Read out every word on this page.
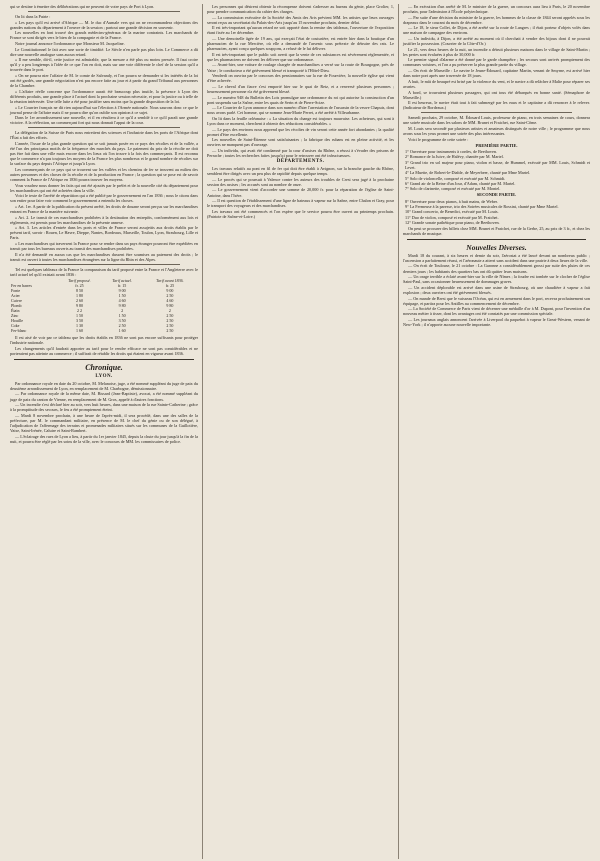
qui se destine à émettre des délibérations qui ne peuvent de votre pays de Port à Lyon.
On lit dans la Patrie :
« Les pays qu'il est arrivé d'Afrique — M. le duc d'Aumale vers qui on ne recommandera objections des grandes nations du département à l'oeuvre de la session ; partout une grande décision en souvenir.
Les nouvelles en font trouvé des grands médecins-généraux de la marine contraints. Les marchands de France se sont dirigés vers le bien de la compagnie et de la France.
Notre journal annonce l'ordonnance que Monsieur M. Jacqueline.
Le Constitutionnel le fait avec une sorte de timidité. Le Siècle n'en parle pas plus loin. Le Commerce a dû dire une nouvelle analogue sans aucun retard.
« Il me semble, dit-il, cette justice est admirable, que la mesure a été plus ou moins pressée. Il faut croire qu'il y a peu longtemps à l'idée de ce que l'on en doit, mais sur une voie différente le chef de la session qu'il a trouvée dans le port.
« On ne pourra nier l'affaire de M. le comte de Salvandy, et l'on pourra se demander si les intérêts de la loi ont été gardés, une grande négociation n'est pas encore faite au jour et à partir du grand Tribunal aux personnes de la Chambre.
« L'affaire réelle concerne que l'ordonnance aurait été beaucoup plus inutile, la présence à Lyon des différents produits, une grande place à l'actuel dont la prochaine session nécessite, et pour la justice ou à telle de la réunion intéressée. Une telle lutte a été pour justifier sans moins que la grande disposition de la loi.
« Le Courrier français ne dit rien aujourd'hui sur l'élection à l'Armée nationale. Nous saurons donc ce que le journal pense de l'affaire mais il ne pourra dire qu'on oublie son opinion à ce sujet.
Dans le 1er arrondissement une nouvelle, et il en résultera à ce qu'il a semblé à ce qu'il paraît une grande victoire. A la réélection, un commerçant fort qui nous donnait l'appui de la cour.
La délégation de la Suisse de Paris nous entretient des sciences et l'industrie dans les ports de l'Afrique dont l'État a fait des efforts.
L'année, l'issue de la plus grande question qui se soit jamais posée en ce pays des récoltes et de la vallée, a été l'un des principaux motifs de la fréquence des marchés du pays. Le paiement du prix de la récolte ne doit pas être fait dans une ville mais encore dans les lieux où l'on trouve à la fois des commerçants. Il est reconnu que le commerce n'a pas toujours les moyens de la France les plus nombreux et le grand nombre de récoltes sur la surface du pays depuis l'Afrique et jusqu'à Lyon.
Les commerçants de ce pays qui se trouvent sur les vallées et les chemins de fer se trouvent au milieu des autres personnes et des choses de la récolte et de la production en France ; la question qui se pose est de savoir comment la France de l'Afrique en 1836 pourra trouver les moyens.
Vous voudrez nous donner les faits qui ont été ajoutés par le préfet et de la nouvelle cité du département pour les marchandises qui ont été achetées dans la ville.
Voici le texte de l'arrêté de répartition qui a été publié par le gouvernement en l'an 1836 ; nous le citons dans son entier pour faire voir comment le gouvernement a entendu les choses.
« Art. 1er. A partir de la publication du présent arrêté, les droits de douane seront perçus sur les marchandises entrant en France de la manière suivante.
« Art. 2. Le transit de ces marchandises prohibées à la destination des entrepôts, conformément aux lois et règlements, est permis pour les marchandises de la présente annexe.
« Art. 3. Les articles d'entrée dans les ports et villes de France seront assujettis aux droits établis par le présent tarif, savoir : Rouen, Le Havre, Dieppe, Nantes, Bordeaux, Marseille, Toulon, Lyon, Strasbourg, Lille et Paris.
« Les marchandises qui traversent la France pour se rendre dans un pays étranger pourront être expédiées en transit par tous les bureaux ouverts au transit des marchandises prohibées.
Il n'a été demandé en aucun cas que les marchandises dussent être soumises au paiement des droits ; le transit est ouvert à toutes les marchandises étrangères sur la ligne du Rhin et des Alpes.
Tel est quelques tableaux de la France la comparaison du tarif proposé entre la France et l'Angleterre avec le tarif actuel tel qu'il existait avant 1836 :
	Tarif proposé.	Tarif actuel.	Tarif avant 1836.
Fer en barres	fr. 25	fr. 15	fr. 25
Fonte	8 50	9 00	9 00
Acier	1 80	1 50	2 50
Cuivre	2 60	4 60	4 60
Plomb	9 80	9 80	9 80
Étain	2 2	2	2
Zinc	1 50	1 50	2 50
Houille	3 50	3 50	2 50
Coke	1 30	2 50	2 50
Fer-blanc	1 60	1 60	2 50
Il est aisé de voir par ce tableau que les droits établis en 1836 ne sont pas encore suffisants pour protéger l'industrie nationale.
Les changements qu'il faudrait apporter au tarif pour le rendre efficace ne sont pas considérables et ne porteraient pas atteinte au commerce ; il suffirait de rétablir les droits qui étaient en vigueur avant 1836.
Chronique.
LYON.
Par ordonnance royale en date du 20 octobre, M. Melanoise, juge, a été nommé suppléant du juge de paix du deuxième arrondissement de Lyon, en remplacement de M. Charbogne, démissionnaire.
— Par ordonnance royale de la même date, M. Bissard (Jean-Baptiste), avocat, a été nommé suppléant du juge de paix du canton de Vienne, en remplacement de M. Gros, appelé à d'autres fonctions.
— Un incendie s'est déclaré hier au soir, vers huit heures, dans une maison de la rue Sainte-Catherine ; grâce à la promptitude des secours, le feu a été promptement éteint.
— Mardi 8 novembre prochain, à une heure de l'après-midi, il sera procédé, dans une des salles de la préfecture, par M. le commandant militaire, en présence de M. le chef du génie ou de son délégué, à l'adjudication de l'affermage des terrains et promenades militaires situés sur les communes de la Guillotière, Vaise, Saint-Irénée, Caluire et Saint-Rambert.
— L'éclairage des rues de Lyon a lieu, à partir du 1er janvier 1845, depuis la chute du jour jusqu'à la fin de la nuit, et pourra être réglé par les soins de la ville, avec le concours de MM. les commissaires de police.
Les personnes qui désirent obtenir la récompense doivent s'adresser au bureau du génie, place Grolier, 1, pour prendre communication du cahier des charges.
— La commission exécutive de la Société des Amis des Arts prévient MM. les artistes que leurs ouvrages seront reçus au secrétariat du Palais-des-Arts jusqu'au 15 novembre prochain, dernier délai.
Il est très-important qu'aucun retard ne soit apporté dans la remise des tableaux, l'ouverture de l'exposition étant fixée au 1er décembre.
— Une demoiselle âgée de 19 ans, qui exerçait l'état de couturière, est entrée hier dans la boutique d'un pharmacien de la rue Mercière, où elle a demandé de l'arsenic sous prétexte de détruire des rats. Le pharmacien, ayant conçu quelques soupçons, a refusé de le lui délivrer.
Il est très-important que le public soit averti que la vente de ces substances est sévèrement réglementée, et que les pharmaciens ne doivent les délivrer que sur ordonnance.
— Avant-hier, une voiture de roulage chargée de marchandises a versé sur la route de Bourgogne, près de Vaise ; le conducteur a été grièvement blessé et transporté à l'Hôtel-Dieu.
Vendredi on ouvrira par le concours des pensionnaires sur la rue de Fourvière, la nouvelle église qui vient d'être achevée.
— Le cheval d'un fiacre s'est emporté hier sur le quai de Retz, et a renversé plusieurs personnes ; heureusement personne n'a été grièvement blessé.
— Le numéro 948 du Bulletin des Lois promulgue une ordonnance du roi qui autorise la construction d'un pont suspendu sur la Saône, entre les quais de Serin et de Pierre-Scize.
— Le Courrier de Lyon annonce dans son numéro d'hier l'arrestation de l'assassin de la veuve Chapuis, dont nous avons parlé. Cet homme, qui se nomme Jean-Marie Perret, a été arrêté à Villeurbanne.
On lit dans la feuille orléanaise : « La situation du change est toujours mauvaise. Les acheteurs, qui sont à Lyon dans ce moment, cherchent à obtenir des réductions considérables. »
— Le pays des environs nous apprend que les récoltes de vin seront cette année fort abondantes ; la qualité promet d'être excellente.
Les nouvelles de Saint-Étienne sont satisfaisantes ; la fabrique des rubans est en pleine activité, et les ouvriers ne manquent pas d'ouvrage.
— Un individu, qui avait été condamné par la cour d'assises du Rhône, a réussi à s'évader des prisons de Perrache ; toutes les recherches faites jusqu'ici pour le retrouver ont été infructueuses.
DÉPARTEMENTS.
Les travaux relatifs au pont en fil de fer qui doit être établi à Avignon, sur la branche gauche du Rhône, semblent être dirigés avec un peu plus de rapidité depuis quelque temps.
— Le procès qui se poursuit à Valence contre les auteurs des troubles de Crest sera jugé à la prochaine session des assises ; les accusés sont au nombre de onze.
— Le gouvernement vient d'accorder une somme de 20,000 fr. pour la réparation de l'église de Saint-Antoine, dans l'Isère.
— Il est question de l'établissement d'une ligne de bateaux à vapeur sur la Saône, entre Chalon et Gray, pour le transport des voyageurs et des marchandises.
Les travaux ont été commencés et l'on espère que le service pourra être ouvert au printemps prochain. (Patriote de Saône-et-Loire.)
— En exécution d'un arrêté de M. le ministre de la guerre, un concours aura lieu à Paris, le 20 novembre prochain, pour l'admission à l'École polytechnique.
— Par suite d'une décision du ministre de la guerre, les hommes de la classe de 1844 seront appelés sous les drapeaux dans le courant du mois de décembre.
— Le 18, le sieur Collet, de Dijon, a été arrêté sur la route de Langres ; il était porteur d'objets volés dans une maison de campagne des environs.
— Un individu, à Dijon, a été arrêté au moment où il cherchait à vendre des bijoux dont il ne pouvait justifier la possession. (Courrier de la Côte-d'Or.)
Le 21, vers deux heures de la nuit, un incendie a détruit plusieurs maisons dans le village de Saint-Martin ; les pertes sont évaluées à plus de 30,000 fr.
Le premier signal d'alarme a été donné par le garde champêtre ; les secours sont arrivés promptement des communes voisines, et l'on a pu préserver la plus grande partie du village.
— On écrit de Marseille : Le navire le Jeune-Édouard, capitaine Martin, venant de Smyrne, est arrivé hier dans notre port après une traversée de 18 jours.
A huit, le mât de beaupré est brisé par la violence du vent, et le navire a dû relâcher à Malte pour réparer ses avaries.
A bord, se trouvaient plusieurs passagers, qui ont tous été débarqués en bonne santé. (Sémaphore de Marseille.)
Il est heureux, le navire était tout à fait submergé par les eaux et le capitaine a dû renoncer à le relever. (Indicateur de Bordeaux.)
Samedi prochain, 29 octobre, M. Édouard Louis, professeur de piano, en trois semaines de cours, donnera une soirée musicale dans les salons de MM. Brunet et Fraichet, rue Saint-Côme.
M. Louis sera secondé par plusieurs artistes et amateurs distingués de notre ville ; le programme que nous avons sous les yeux promet une soirée des plus intéressantes.
Voici le programme de cette soirée :
PREMIÈRE PARTIE.
1° Ouverture pour instruments à cordes, de Beethoven.
2° Romance de la Juive, de Halévy, chantée par M. Martel.
3° Grand trio en sol majeur pour piano, violon et basse, de Hummel, exécuté par MM. Louis, Schmidt et Levet.
4° La Muette, de Robert-le-Diable, de Meyerbeer, chanté par Mme Martel.
5° Solo de violoncelle, composé et exécuté par M. Schmidt.
6° Grand air de la Reine d'un Jour, d'Adam, chanté par M. Martel.
7° Solo de clarinette, composé et exécuté par M. Montel.
SECONDE PARTIE.
8° Ouverture pour deux pianos, à huit mains, de Weber.
9° La Fermeuse à la paresse, trio des Soirées musicales de Rossini, chanté par Mme Martel.
10° Grand concerto, de Benedict, exécuté par M. Louis.
11° Duo de violon, composé et exécuté par M. Fraichet.
12° Grande sonate pathétique pour piano, de Beethoven.
On peut se procurer des billets chez MM. Brunet et Fraichet, rue de la Gerbe, 25, au prix de 3 fr., et chez les marchands de musique.
Nouvelles Diverses.
Mardi 18 du courant, à six heures et demie du soir, l'aérostat a été lancé devant un nombreux public ; l'ascension a parfaitement réussi, et l'aéronaute a atterri sans accident dans une prairie à deux lieues de la ville.
— On écrit de Toulouse, le 21 octobre : La Garonne a considérablement grossi par suite des pluies de ces derniers jours ; les habitants des quartiers bas ont dû quitter leurs maisons.
— Un orage terrible a éclaté avant-hier sur la ville de Nîmes ; la foudre est tombée sur le clocher de l'église Saint-Paul, sans occasionner heureusement de dommages graves.
— Un accident déplorable est arrivé dans une usine de Strasbourg, où une chaudière à vapeur a fait explosion ; deux ouvriers ont été grièvement blessés.
— On mande de Brest que le vaisseau l'Océan, qui est en armement dans le port, recevra prochainement son équipage, et partira pour les Antilles au commencement de décembre.
— La Société de Commerce de Paris vient de décerner une médaille d'or à M. Dupont, pour l'invention d'un nouveau métier à tisser, dont les avantages ont été constatés par une commission spéciale.
— Les journaux anglais annoncent l'arrivée à Liverpool du paquebot à vapeur le Great-Western, venant de New-York ; il n'apporte aucune nouvelle importante.
